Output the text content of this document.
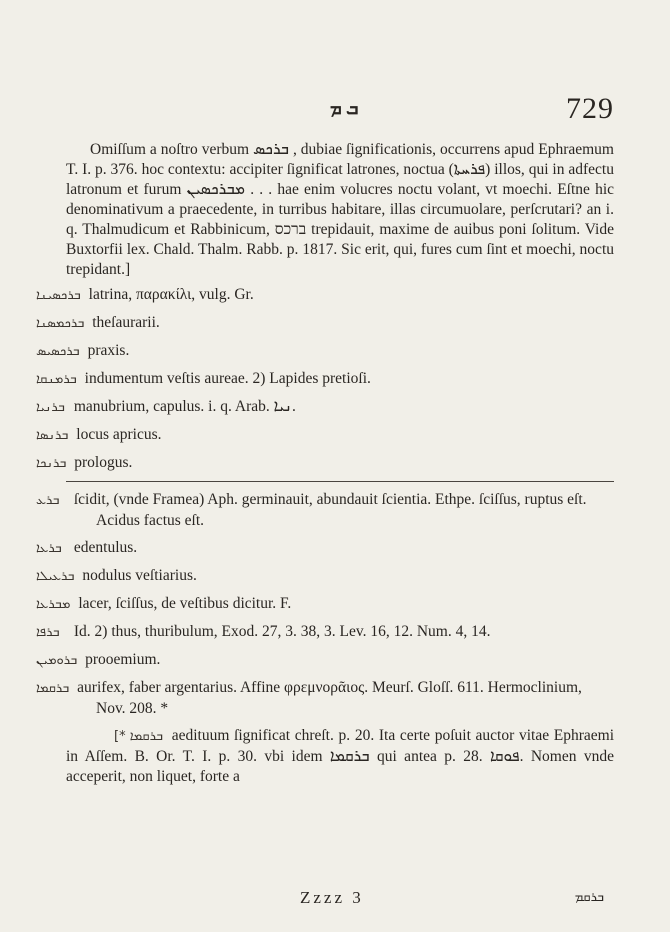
ܒ ܡ	729

Omiſſum a noſtro verbum ܒܪܟܣ , dubiae ſignificationis, occurrens apud Ephraemum T. I. p. 376. hoc contextu: accipiter ſignificat latrones, noctua (ܦܪܚܬܐ) illos, qui in adfectu latronum et furum ܡܒܪܟܣܝܢ . . . hae enim volucres noctu volant, vt moechi. Eſtne hic denominativum a praecedente, in turribus habitare, illas circumuolare, perſcrutari? an i. q. Thalmudicum et Rabbinicum, ברכס trepidauit, maxime de auibus poni ſolitum. Vide Buxtorfii lex. Chald. Thalm. Rabb. p. 1817. Sic erit, qui, fures cum ſint et moechi, noctu trepidant.]

ܒܪܟܣܝܢܐ latrina, παρακίλι, vulg. Gr.
ܒܪܟܡܣܢܐ theſaurarii.
ܒܪܟܣܝܣ praxis.
ܒܪܡܢܩܐ indumentum veſtis aureae. 2) Lapides pretioſi.
ܒܪܢܝܐ manubrium, capulus. i. q. Arab. ܢܝܐ.
ܒܪܢܣܐ locus apricus.
ܒܪܢܟܐ prologus.
ܒܪܥ ſcidit, (vnde Framea) Aph. germinauit, abundauit ſcientia. Ethpe. ſciſſus, ruptus eſt. Acidus factus eſt.
ܒܪܥܐ edentulus.
ܒܪܥܝܠܐ nodulus veſtiarius.
ܡܒܪܥܐ lacer, ſciſſus, de veſtibus dicitur. F.
ܒܪܦܐ Id. 2) thus, thuribulum, Exod. 27, 3. 38, 3. Lev. 16, 12. Num. 4, 14.
ܒܪܘܡܝܢ prooemium.
ܒܪܩܡܐ aurifex, faber argentarius. Affine φρεμνορᾶιος. Meurſ. Gloſſ. 611. Hermoclinium, Nov. 208. *
[* ܒܪܩܡܐ aedituum ſignificat chreſt. p. 20. Ita certe poſuit auctor vitae Ephraemi in Aſſem. B. Or. T. I. p. 30. vbi idem ܒܪܩܡܐ qui antea p. 28. ܦܘܩܐ. Nomen vnde acceperit, non liquet, forte a
Zzzz 3	ܒܪܩܡ
